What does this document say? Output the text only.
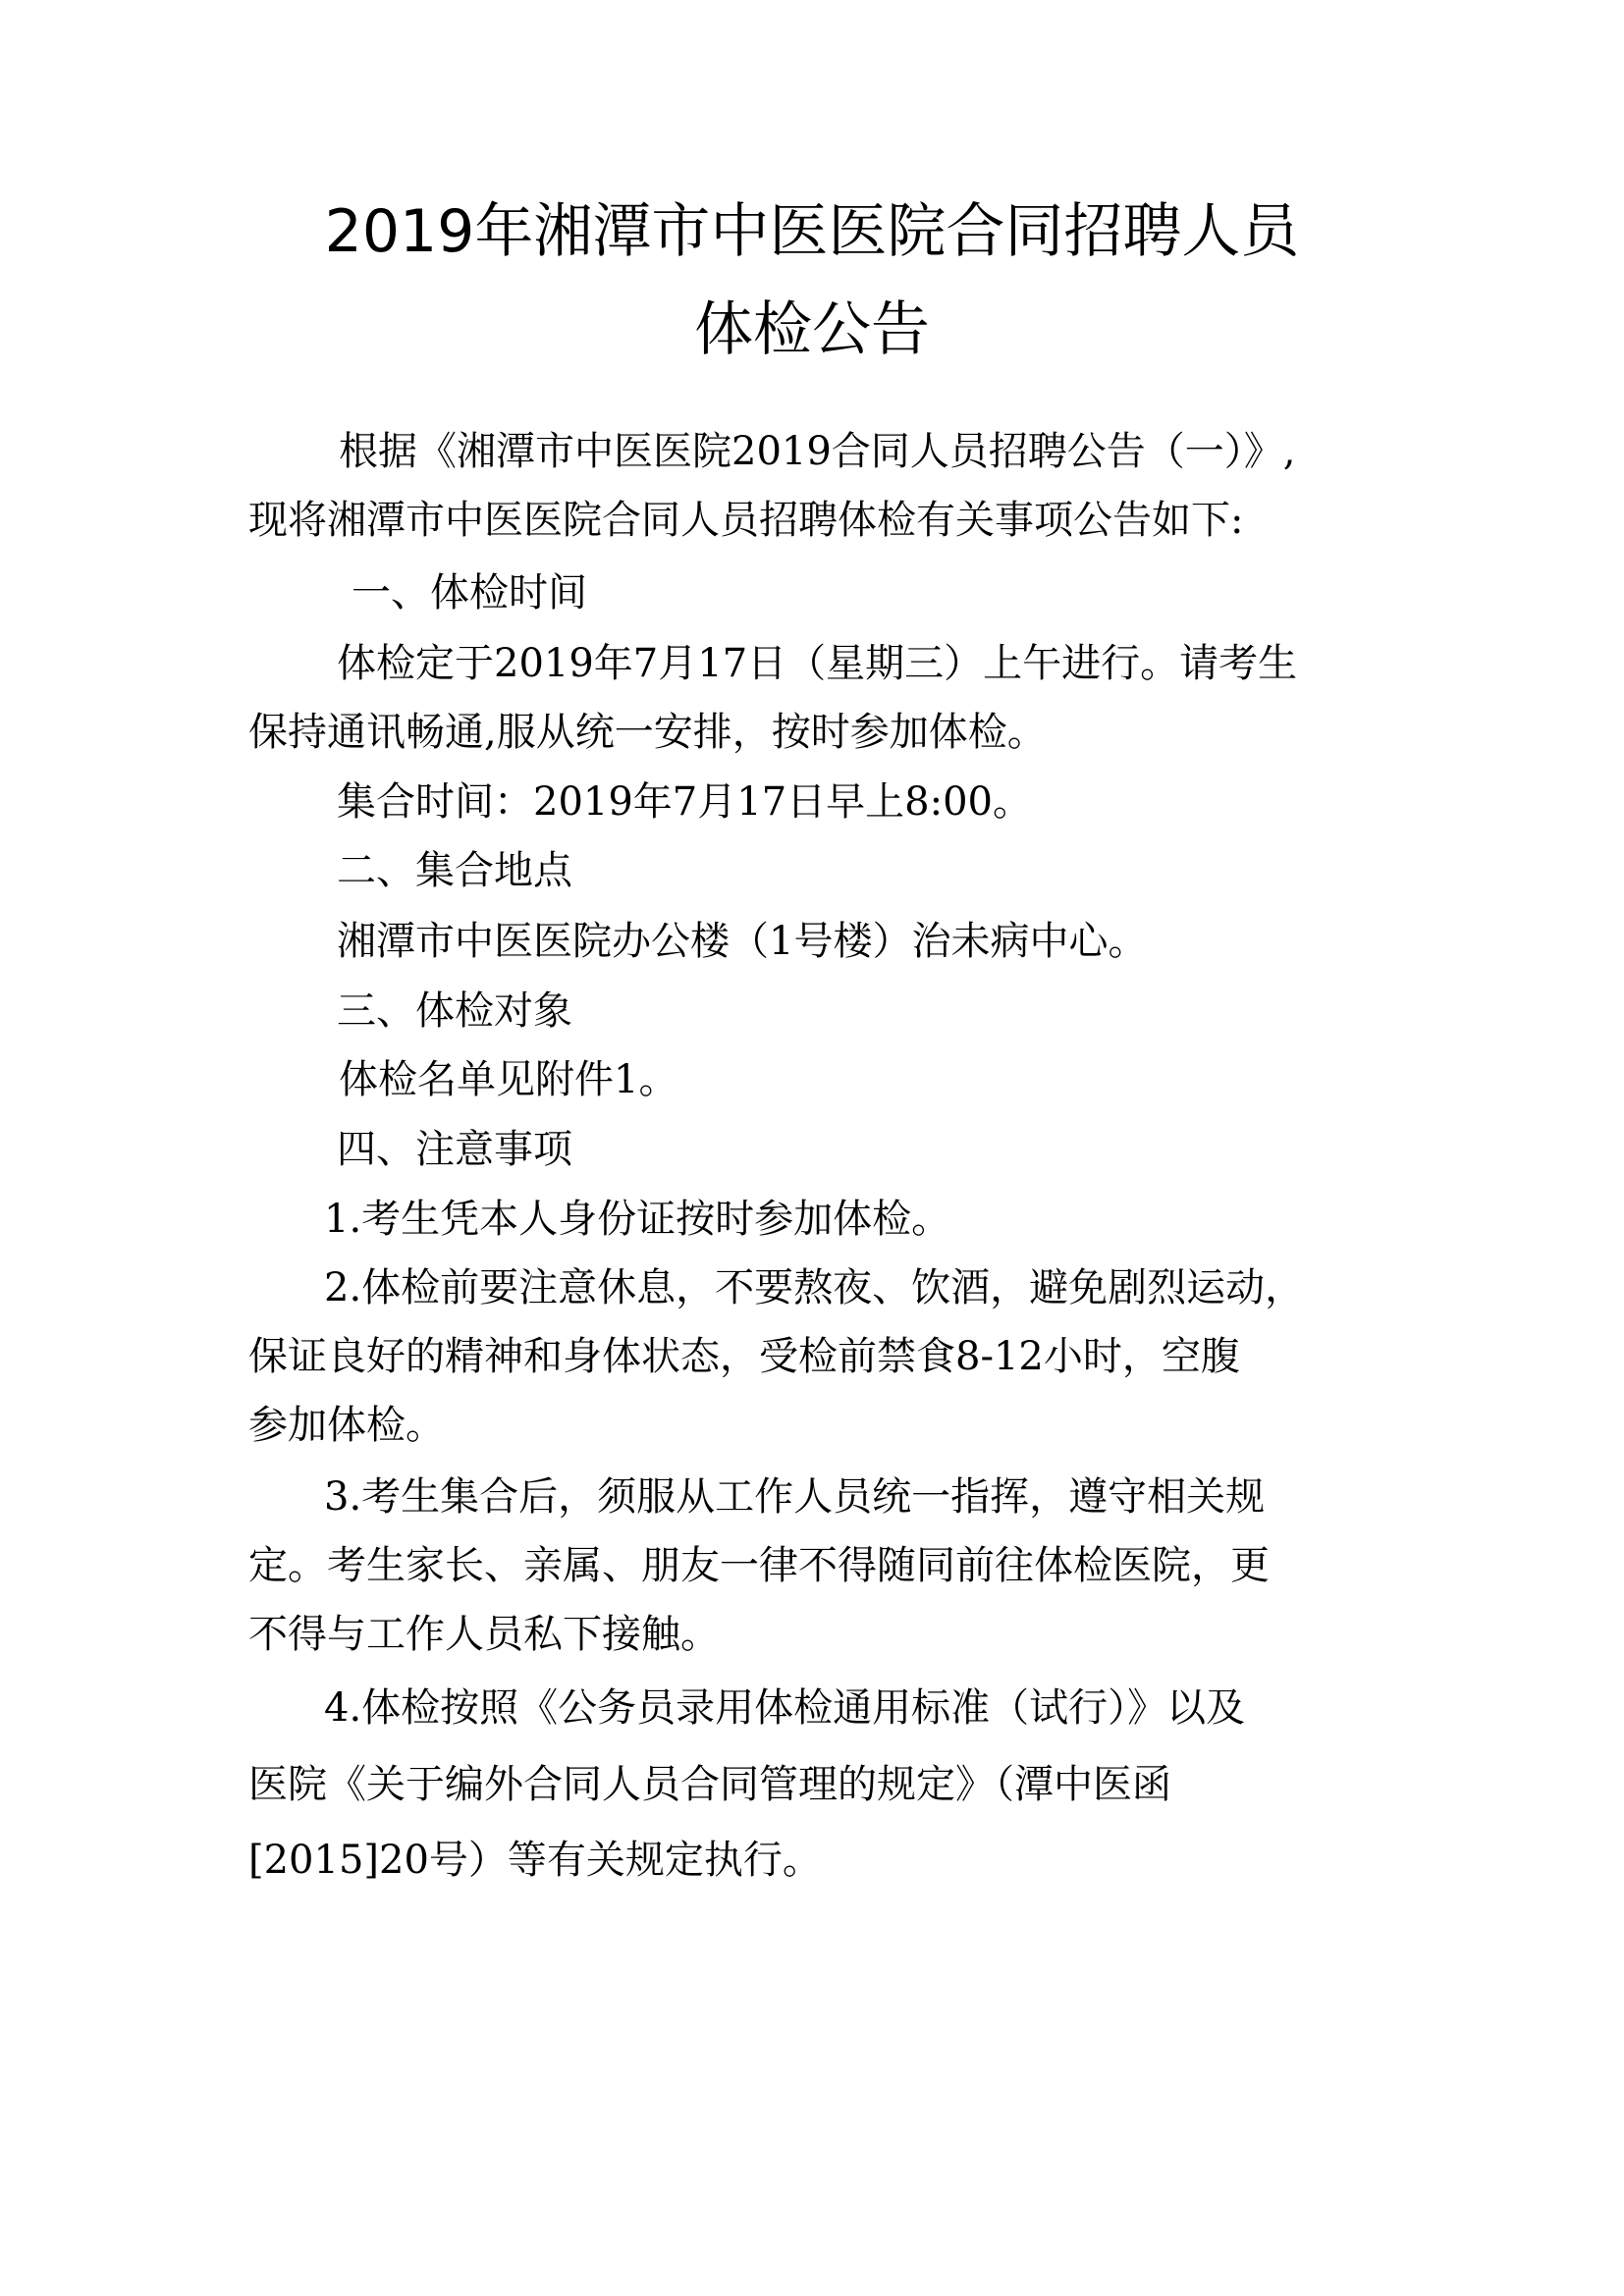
2019年湘潭市中医医院合同招聘人员
体检公告
根据《湘潭市中医医院2019合同人员招聘公告（一）》,
现将湘潭市中医医院合同人员招聘体检有关事项公告如下:
一、体检时间
体检定于2019年7月17日（星期三）上午进行。请考生
保持通讯畅通,服从统一安排，按时参加体检。
集合时间：2019年7月17日早上8:00。
二、集合地点
湘潭市中医医院办公楼（1号楼）治未病中心。
三、体检对象
体检名单见附件1。
四、注意事项
1.考生凭本人身份证按时参加体检。
2.体检前要注意休息，不要熬夜、饮酒，避免剧烈运动，
保证良好的精神和身体状态，受检前禁食8-12小时，空腹
参加体检。
3.考生集合后，须服从工作人员统一指挥，遵守相关规
定。考生家长、亲属、朋友一律不得随同前往体检医院，更
不得与工作人员私下接触。
4.体检按照《公务员录用体检通用标准（试行）》以及
医院《关于编外合同人员合同管理的规定》（潭中医函
[2015]20号）等有关规定执行。
